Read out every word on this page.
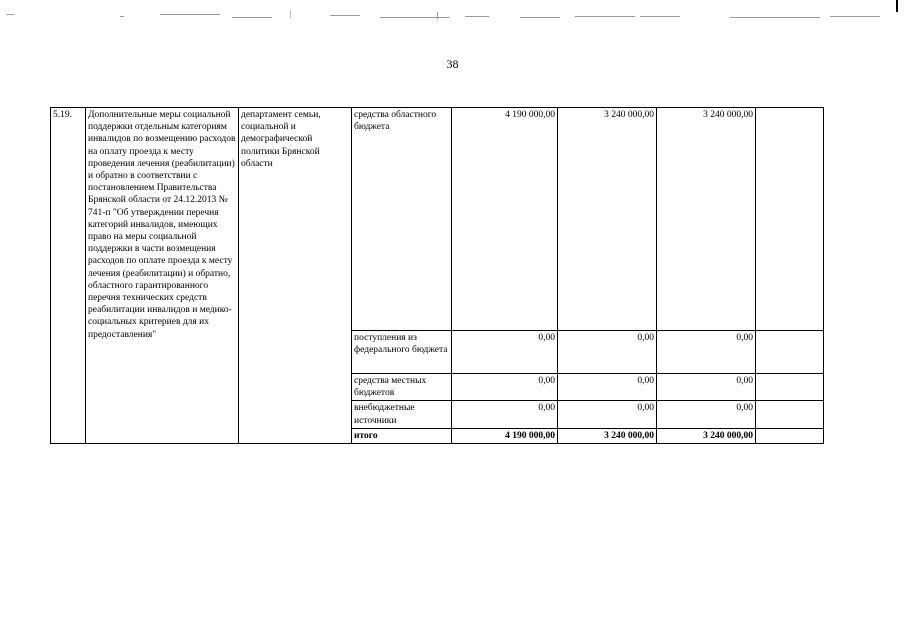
38
5.19.	Дополнительные меры социальной поддержки отдельным категориям инвалидов по возмещению расходов на оплату проезда к месту проведения лечения (реабилитации) и обратно в соответствии с постановлением Правительства Брянской области от 24.12.2013 № 741-п "Об утверждении перечня категорий инвалидов, имеющих право на меры социальной поддержки в части возмещения расходов по оплате проезда к месту лечения (реабилитации) и обратно, областного гарантированного перечня технических средств реабилитации инвалидов и медико-социальных критериев для их предоставления"	департамент семьи, социальной и демографической политики Брянской области	средства областного бюджета	4 190 000,00	3 240 000,00	3 240 000,00	
			поступления из федерального бюджета	0,00	0,00	0,00	
			средства местных бюджетов	0,00	0,00	0,00	
			внебюджетные источники	0,00	0,00	0,00	
			итого	4 190 000,00	3 240 000,00	3 240 000,00	
